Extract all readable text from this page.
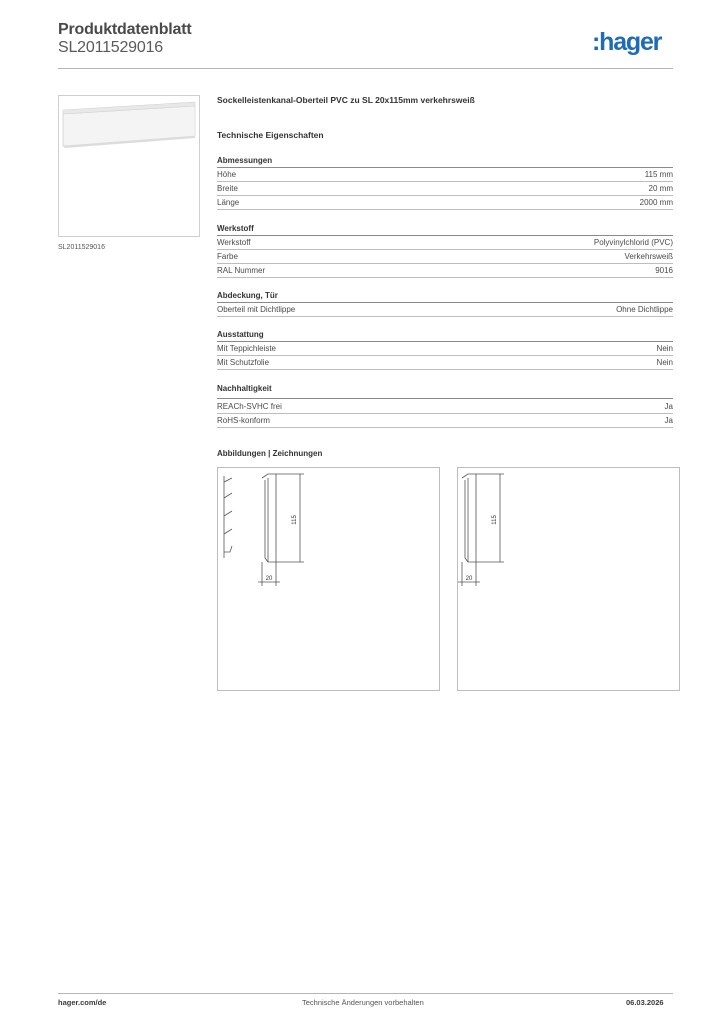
Produktdatenblatt
SL2011529016	:hager
SL2011529016
Sockelleistenkanal-Oberteil PVC zu SL 20x115mm verkehrsweiß
Technische Eigenschaften
Abmessungen
Höhe	115 mm
Breite	20 mm
Länge	2000 mm
Werkstoff
Werkstoff	Polyvinylchlorid (PVC)
Farbe	Verkehrsweiß
RAL Nummer	9016
Abdeckung, Tür
Oberteil mit Dichtlippe	Ohne Dichtlippe
Ausstattung
Mit Teppichleiste	Nein
Mit Schutzfolie	Nein
Nachhaltigkeit
REACh-SVHC frei	Ja
RoHS-konform	Ja
Abbildungen | Zeichnungen
115
20
115
20
hager.com/de	Technische Änderungen vorbehalten	06.03.2026
